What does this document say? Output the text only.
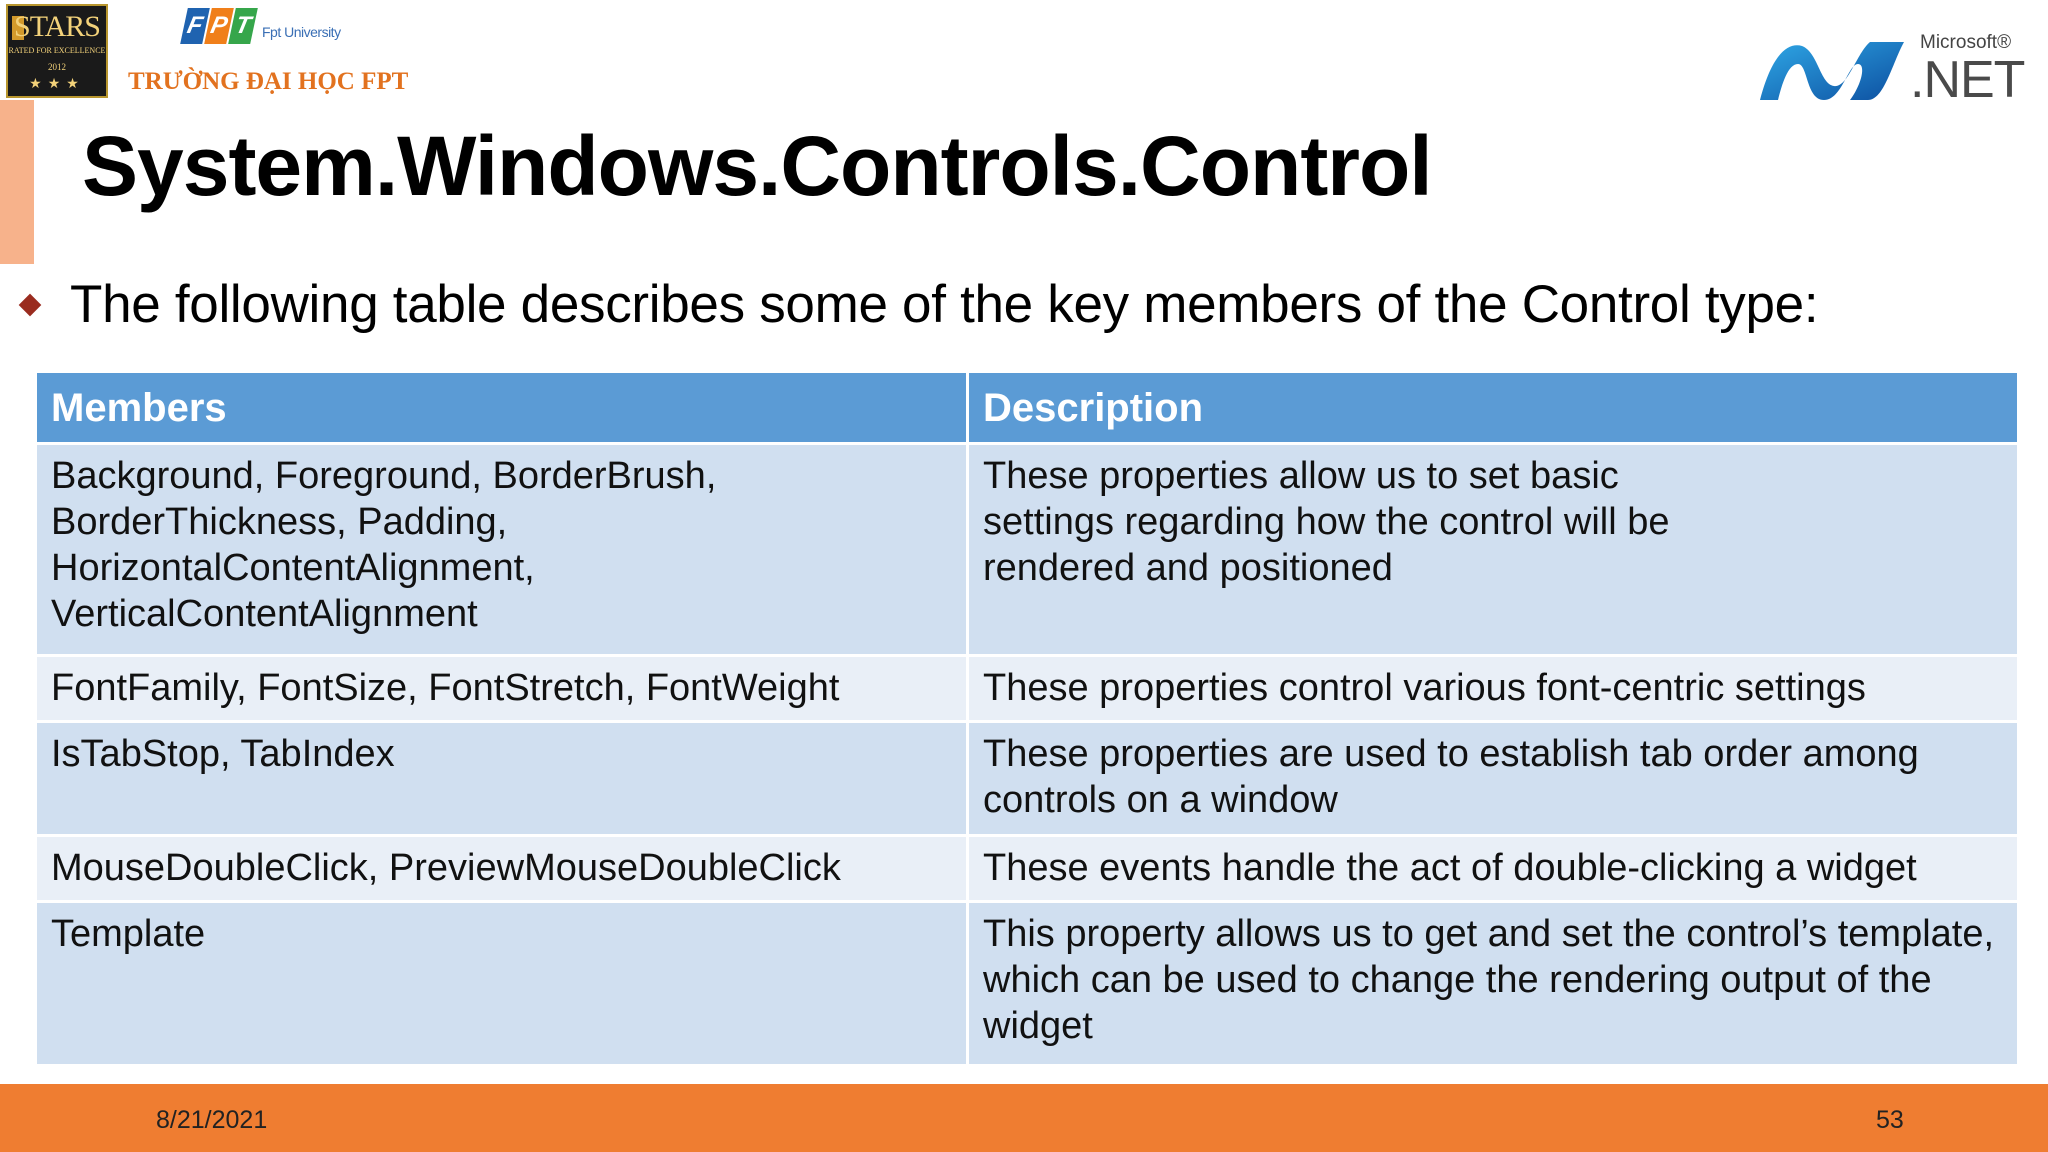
STARS
RATED FOR EXCELLENCE
2012
★★★
F P T Fpt University
TRƯỜNG ĐẠI HỌC FPT
Microsoft®
.NET
System.Windows.Controls.Control
The following table describes some of the key members of the Control type:
Members	Description

Background, Foreground, BorderBrush,
BorderThickness, Padding,
HorizontalContentAlignment,
VerticalContentAlignment	These properties allow us to set basic
settings regarding how the control will be
rendered and positioned

FontFamily, FontSize, FontStretch, FontWeight	These properties control various font-centric settings

IsTabStop, TabIndex	These properties are used to establish tab order among
controls on a window

MouseDoubleClick, PreviewMouseDoubleClick	These events handle the act of double-clicking a widget

Template	This property allows us to get and set the control’s template,
which can be used to change the rendering output of the
widget
8/21/2021	53
